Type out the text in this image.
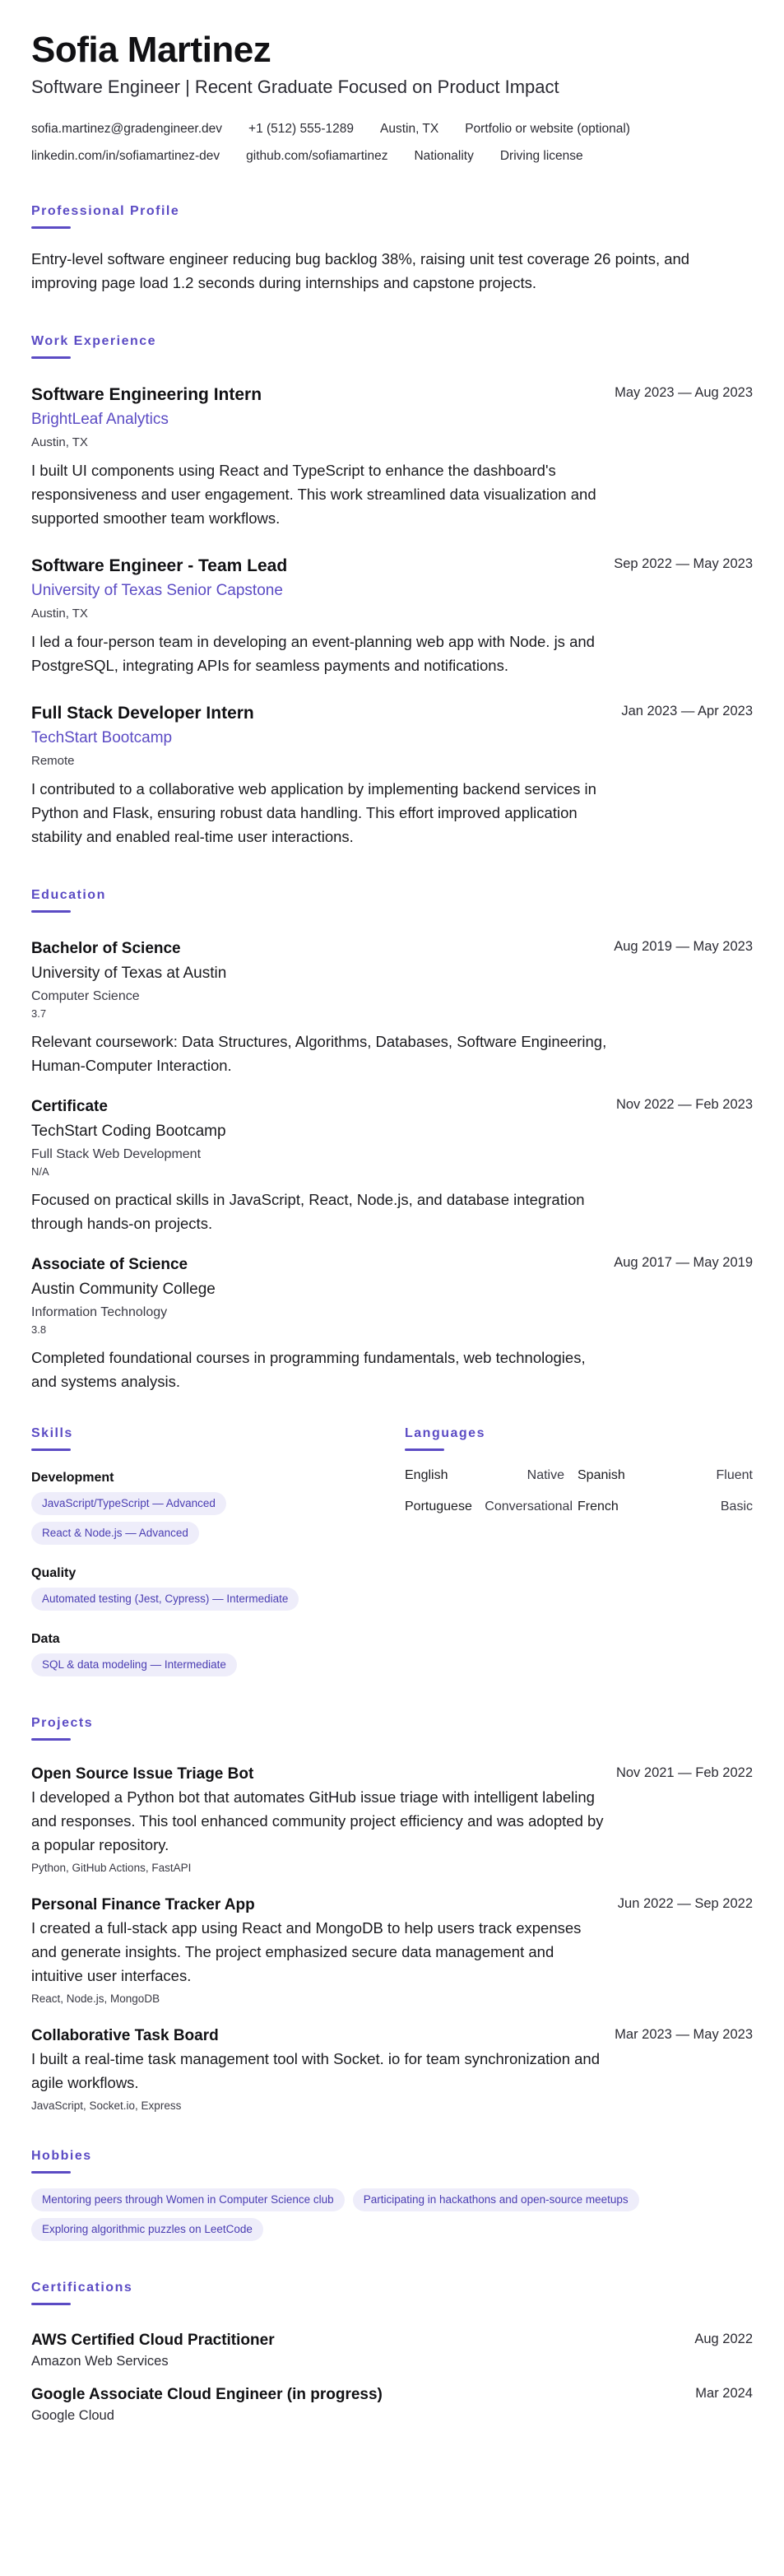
Sofia Martinez
Software Engineer | Recent Graduate Focused on Product Impact
sofia.martinez@gradengineer.dev +1 (512) 555-1289 Austin, TX Portfolio or website (optional)
linkedin.com/in/sofiamartinez-dev github.com/sofiamartinez Nationality Driving license
Professional Profile

Entry-level software engineer reducing bug backlog 38%, raising unit test coverage 26 points, and improving page load 1.2 seconds during internships and capstone projects.

Work Experience
Software Engineering Intern	May 2023 — Aug 2023
BrightLeaf Analytics
Austin, TX

I built UI components using React and TypeScript to enhance the dashboard's responsiveness and user engagement. This work streamlined data visualization and supported smoother team workflows.

Software Engineer - Team Lead	Sep 2022 — May 2023
University of Texas Senior Capstone
Austin, TX

I led a four-person team in developing an event-planning web app with Node. js and PostgreSQL, integrating APIs for seamless payments and notifications.

Full Stack Developer Intern	Jan 2023 — Apr 2023
TechStart Bootcamp
Remote

I contributed to a collaborative web application by implementing backend services in Python and Flask, ensuring robust data handling. This effort improved application stability and enabled real-time user interactions.

Education
Bachelor of Science	Aug 2019 — May 2023
University of Texas at Austin
Computer Science
3.7

Relevant coursework: Data Structures, Algorithms, Databases, Software Engineering, Human-Computer Interaction.

Certificate	Nov 2022 — Feb 2023
TechStart Coding Bootcamp
Full Stack Web Development
N/A

Focused on practical skills in JavaScript, React, Node.js, and database integration through hands-on projects.

Associate of Science	Aug 2017 — May 2019
Austin Community College
Information Technology
3.8

Completed foundational courses in programming fundamentals, web technologies, and systems analysis.

Skills
Development
JavaScript/TypeScript — Advanced
React & Node.js — Advanced
Quality
Automated testing (Jest, Cypress) — Intermediate
Data
SQL & data modeling — Intermediate
Languages
English	Native Spanish	Fluent
Portuguese Conversational French	Basic
Projects
Open Source Issue Triage Bot	Nov 2021 — Feb 2022

I developed a Python bot that automates GitHub issue triage with intelligent labeling and responses. This tool enhanced community project efficiency and was adopted by a popular repository.

Python, GitHub Actions, FastAPI
Personal Finance Tracker App	Jun 2022 — Sep 2022

I created a full-stack app using React and MongoDB to help users track expenses and generate insights. The project emphasized secure data management and intuitive user interfaces.

React, Node.js, MongoDB
Collaborative Task Board	Mar 2023 — May 2023

I built a real-time task management tool with Socket. io for team synchronization and agile workflows.

JavaScript, Socket.io, Express
Hobbies
Mentoring peers through Women in Computer Science club	Participating in hackathons and open-source meetups
Exploring algorithmic puzzles on LeetCode
Certifications
AWS Certified Cloud Practitioner	Aug 2022
Amazon Web Services
Google Associate Cloud Engineer (in progress)	Mar 2024
Google Cloud
